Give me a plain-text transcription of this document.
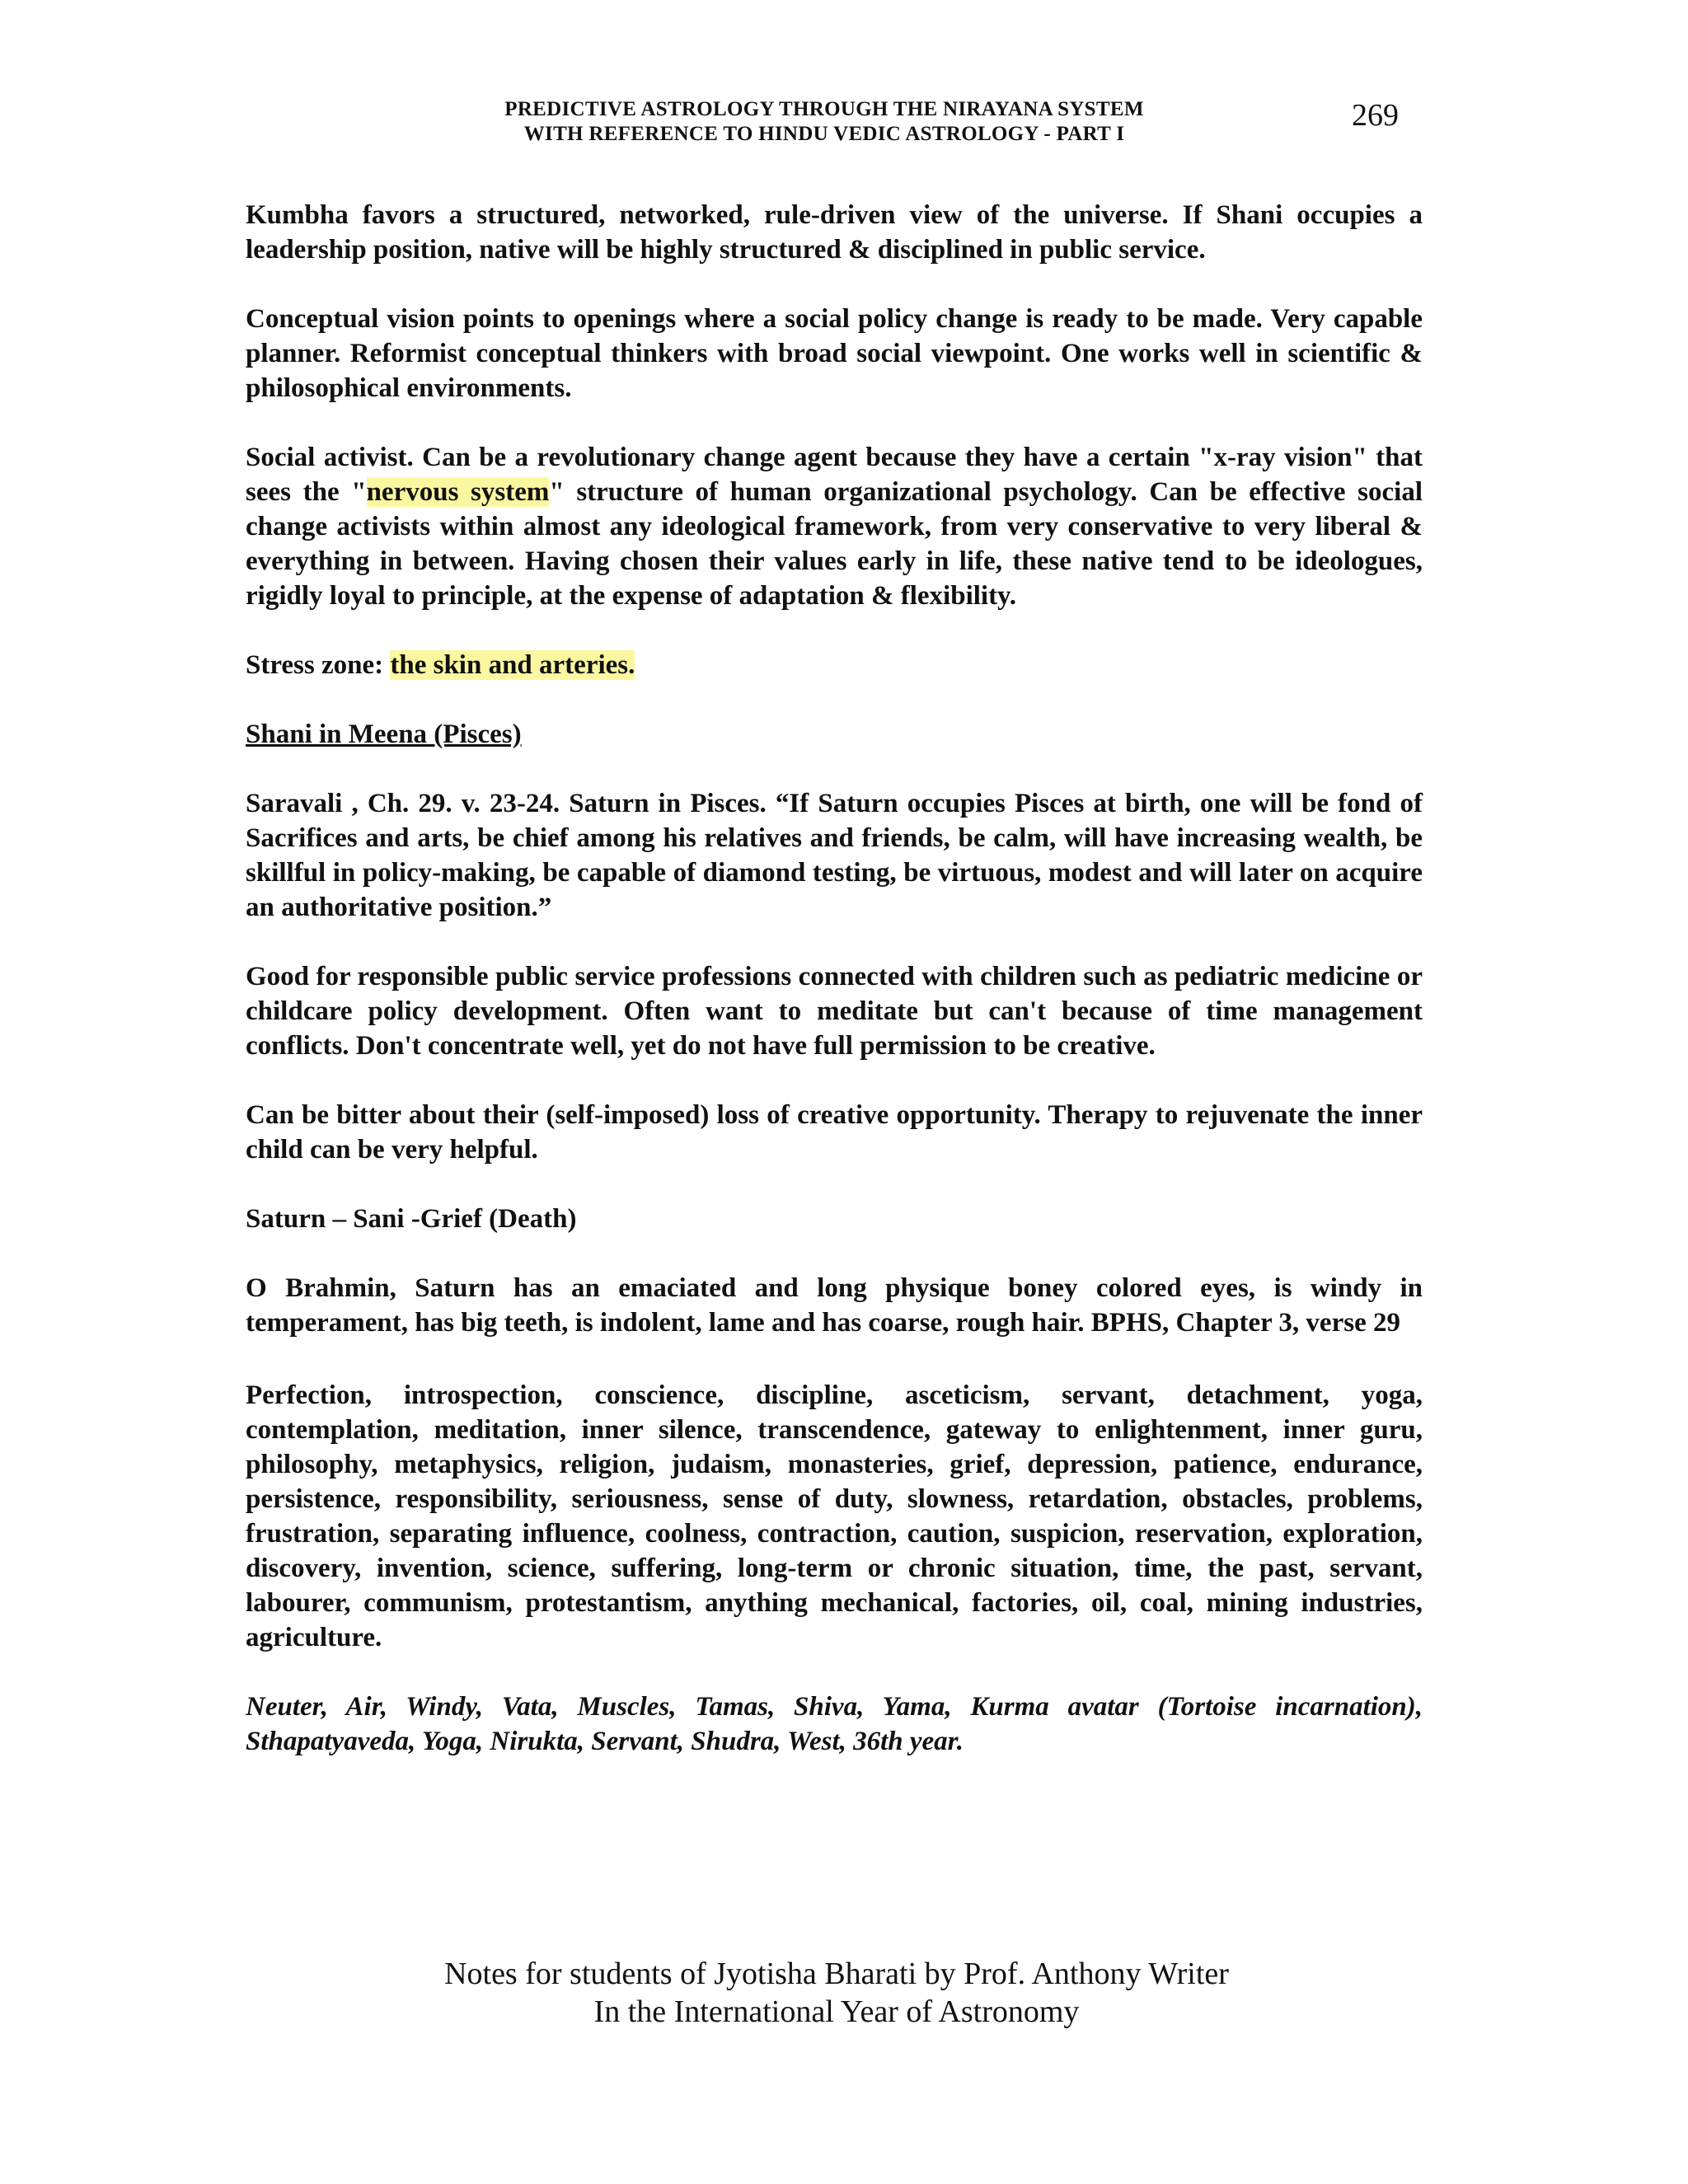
PREDICTIVE ASTROLOGY THROUGH THE NIRAYANA SYSTEM
WITH REFERENCE TO HINDU VEDIC ASTROLOGY - PART I
269

Kumbha favors a structured, networked, rule-driven view of the universe. If Shani occupies a leadership position, native will be highly structured & disciplined in public service.

Conceptual vision points to openings where a social policy change is ready to be made. Very capable planner. Reformist conceptual thinkers with broad social viewpoint. One works well in scientific & philosophical environments.

Social activist. Can be a revolutionary change agent because they have a certain "x-ray vision" that sees the "nervous system" structure of human organizational psychology. Can be effective social change activists within almost any ideological framework, from very conservative to very liberal & everything in between. Having chosen their values early in life, these native tend to be ideologues, rigidly loyal to principle, at the expense of adaptation & flexibility.

Stress zone: the skin and arteries.

Shani in Meena (Pisces)

Saravali , Ch. 29. v. 23-24. Saturn in Pisces. “If Saturn occupies Pisces at birth, one will be fond of Sacrifices and arts, be chief among his relatives and friends, be calm, will have increasing wealth, be skillful in policy-making, be capable of diamond testing, be virtuous, modest and will later on acquire an authoritative position.”

Good for responsible public service professions connected with children such as pediatric medicine or childcare policy development. Often want to meditate but can't because of time management conflicts. Don't concentrate well, yet do not have full permission to be creative.

Can be bitter about their (self-imposed) loss of creative opportunity. Therapy to rejuvenate the inner child can be very helpful.

Saturn – Sani -Grief (Death)

O Brahmin, Saturn has an emaciated and long physique boney colored eyes, is windy in temperament, has big teeth, is indolent, lame and has coarse, rough hair. BPHS, Chapter 3, verse 29

Perfection, introspection, conscience, discipline, asceticism, servant, detachment, yoga, contemplation, meditation, inner silence, transcendence, gateway to enlightenment, inner guru, philosophy, metaphysics, religion, judaism, monasteries, grief, depression, patience, endurance, persistence, responsibility, seriousness, sense of duty, slowness, retardation, obstacles, problems, frustration, separating influence, coolness, contraction, caution, suspicion, reservation, exploration, discovery, invention, science, suffering, long-term or chronic situation, time, the past, servant, labourer, communism, protestantism, anything mechanical, factories, oil, coal, mining industries, agriculture.

Neuter, Air, Windy, Vata, Muscles, Tamas, Shiva, Yama, Kurma avatar (Tortoise incarnation), Sthapatyaveda, Yoga, Nirukta, Servant, Shudra, West, 36th year.

Notes for students of Jyotisha Bharati by Prof. Anthony Writer
In the International Year of Astronomy
